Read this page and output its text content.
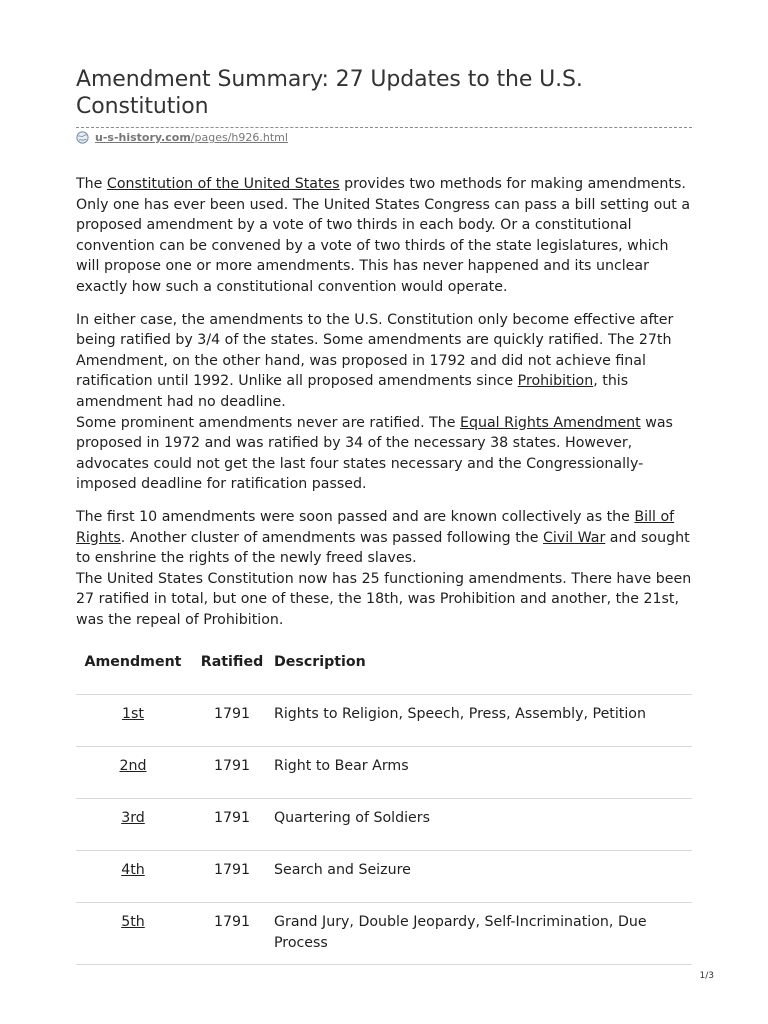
Amendment Summary: 27 Updates to the U.S. Constitution
u-s-history.com /pages/h926.html

The Constitution of the United States provides two methods for making amendments. Only one has ever been used. The United States Congress can pass a bill setting out a proposed amendment by a vote of two thirds in each body. Or a constitutional convention can be convened by a vote of two thirds of the state legislatures, which will propose one or more amendments. This has never happened and its unclear exactly how such a constitutional convention would operate.

In either case, the amendments to the U.S. Constitution only become effective after being ratified by 3/4 of the states. Some amendments are quickly ratified. The 27th Amendment, on the other hand, was proposed in 1792 and did not achieve final ratification until 1992. Unlike all proposed amendments since Prohibition, this amendment had no deadline.

Some prominent amendments never are ratified. The Equal Rights Amendment was proposed in 1972 and was ratified by 34 of the necessary 38 states. However, advocates could not get the last four states necessary and the Congressionally-imposed deadline for ratification passed.

The first 10 amendments were soon passed and are known collectively as the Bill of Rights. Another cluster of amendments was passed following the Civil War and sought to enshrine the rights of the newly freed slaves.

The United States Constitution now has 25 functioning amendments. There have been 27 ratified in total, but one of these, the 18th, was Prohibition and another, the 21st, was the repeal of Prohibition.

Amendment	Ratified	Description
1st	1791	Rights to Religion, Speech, Press, Assembly, Petition
2nd	1791	Right to Bear Arms
3rd	1791	Quartering of Soldiers
4th	1791	Search and Seizure
5th	1791	Grand Jury, Double Jeopardy, Self-Incrimination, Due Process
1/3
